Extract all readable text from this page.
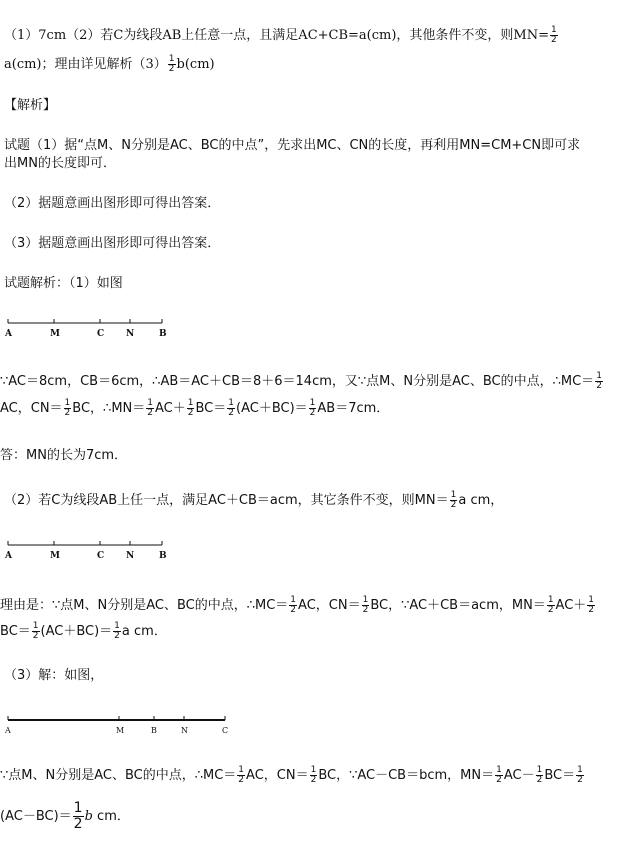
（1）7cm（2）若C为线段AB上任意一点，且满足AC+CB=a(cm)，其他条件不变，则$MN= \frac{1}{2}$
a(cm)；理由详见解析$(3) \frac{1}{2} b(cm)$
【解析】
试题（1）据“点M、N分别是AC、BC的中点”，先求出MC、CN的长度，再利用MN=CM+CN即可求
出MN的长度即可．
（2）据题意画出图形即可得出答案．
（3）据题意画出图形即可得出答案．
试题解析：（1）如图
A	M	C N	B
∵AC＝8cm，CB＝6cm，∴AB＝AC＋CB＝8＋6＝14cm，又∵点M、N分别是AC、BC的中点，∴MC＝ $\frac{1}{2}$
AC，$CN= \frac{1}{2}$ BC，∴MN＝ $\frac{1}{2} AC+ \frac{1}{2} BC= \frac{1}{2} (AC+BC)= \frac{1}{2} AB=7cm$．
答：MN的长为7cm．
（2）若C为线段AB上任一点，满足AC＋CB＝acm，其它条件不变，则$MN= \frac{1}{2}$ a cm，
A	M	C N	B
理由是：∵点M、N分别是AC、BC的中点，∴MC＝ $\frac{1}{2}$ AC，$CN= \frac{1}{2}$ BC，∵AC＋CB＝acm，$MN= \frac{1}{2} AC+ \frac{1}{2}$
$BC= \frac{1}{2} (AC+BC)= \frac{1}{2}$ a cm．
（3）解：如图，
A	M	B	N	C
∵点M、N分别是AC、BC的中点，∴MC＝ $\frac{1}{2}$ AC，$CN= \frac{1}{2}$ BC，∵AC－CB＝bcm，$MN= \frac{1}{2} AC- \frac{1}{2} BC= \frac{1}{2}$
$(AC-BC)= \frac{1}{2}$ b cm．
